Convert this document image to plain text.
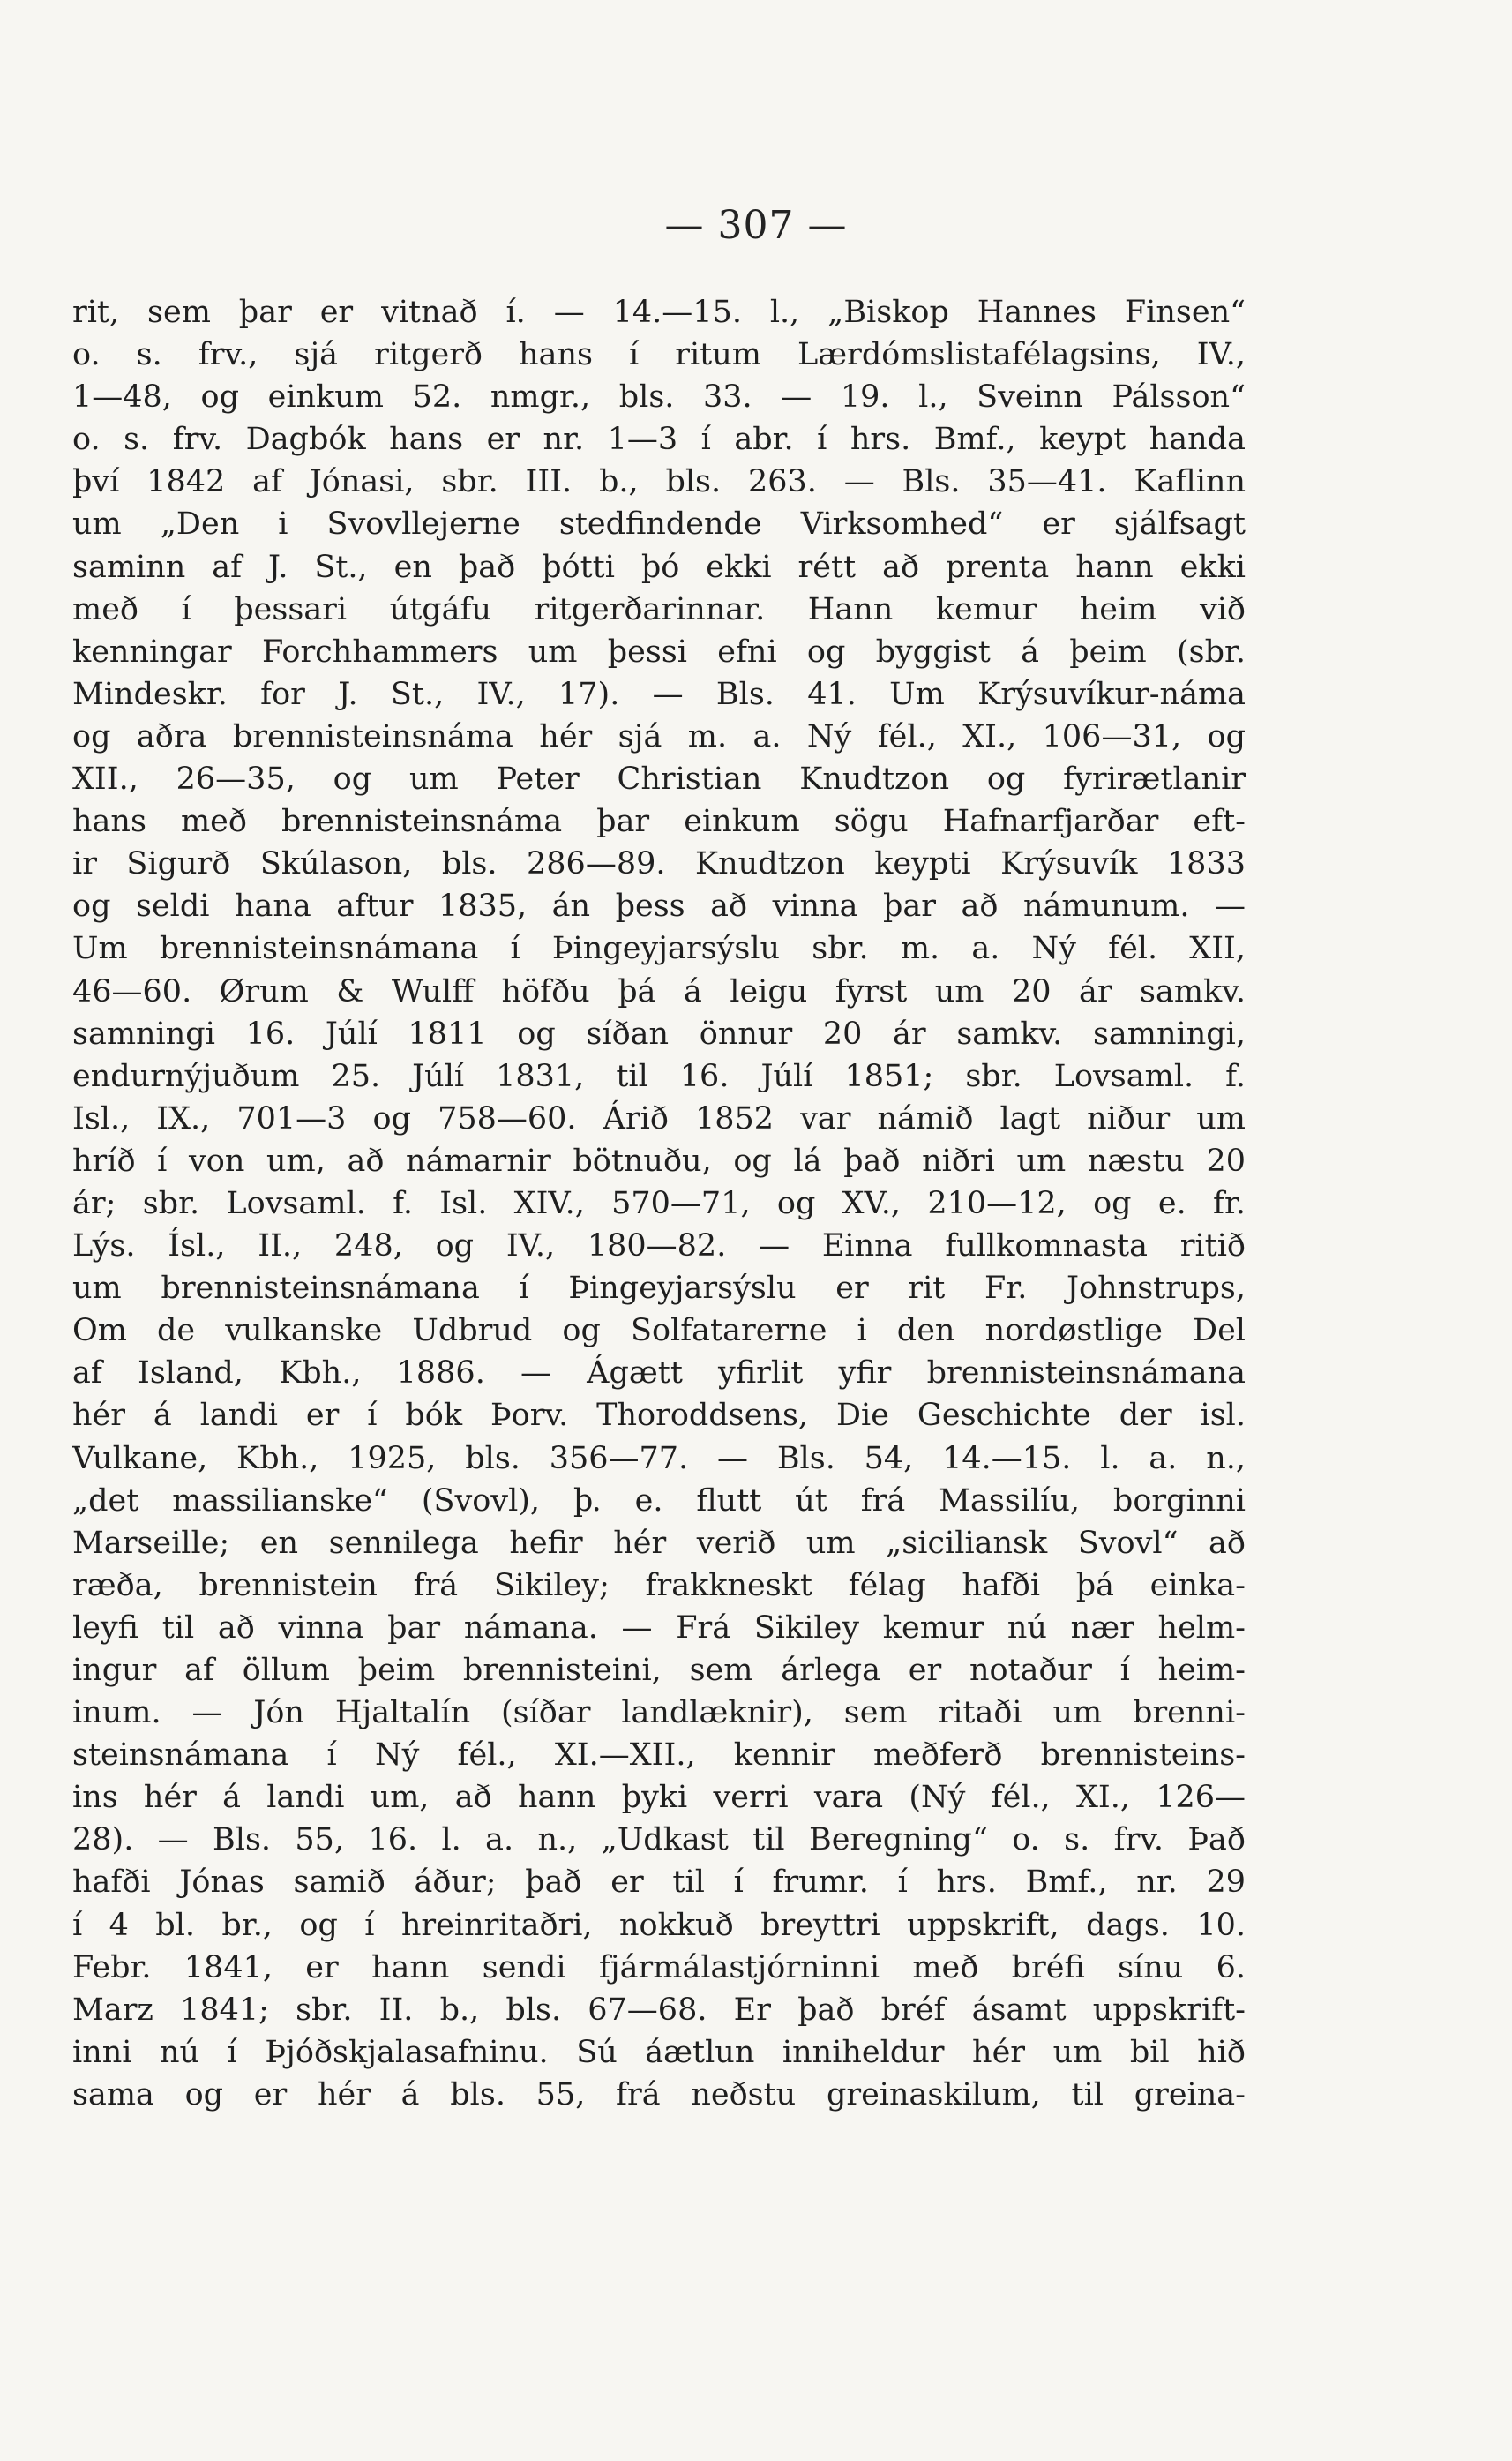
— 307 —
rit, sem þar er vitnað í. — 14.—15. l., „Biskop Hannes Finsen“
o. s. frv., sjá ritgerð hans í ritum Lærdómslistafélagsins, IV.,
1—48, og einkum 52. nmgr., bls. 33. — 19. l., Sveinn Pálsson“
o. s. frv. Dagbók hans er nr. 1—3 í abr. í hrs. Bmf., keypt handa
því 1842 af Jónasi, sbr. III. b., bls. 263. — Bls. 35—41. Kaflinn
um „Den i Svovllejerne stedfindende Virksomhed“ er sjálfsagt
saminn af J. St., en það þótti þó ekki rétt að prenta hann ekki
með í þessari útgáfu ritgerðarinnar. Hann kemur heim við
kenningar Forchhammers um þessi efni og byggist á þeim (sbr.
Mindeskr. for J. St., IV., 17). — Bls. 41. Um Krýsuvíkur-náma
og aðra brennisteinsnáma hér sjá m. a. Ný fél., XI., 106—31, og
XII., 26—35, og um Peter Christian Knudtzon og fyrirætlanir
hans með brennisteinsnáma þar einkum sögu Hafnarfjarðar eft-
ir Sigurð Skúlason, bls. 286—89. Knudtzon keypti Krýsuvík 1833
og seldi hana aftur 1835, án þess að vinna þar að námunum. —
Um brennisteinsnámana í Þingeyjarsýslu sbr. m. a. Ný fél. XII,
46—60. Ørum & Wulff höfðu þá á leigu fyrst um 20 ár samkv.
samningi 16. Júlí 1811 og síðan önnur 20 ár samkv. samningi,
endurnýjuðum 25. Júlí 1831, til 16. Júlí 1851; sbr. Lovsaml. f.
Isl., IX., 701—3 og 758—60. Árið 1852 var námið lagt niður um
hríð í von um, að námarnir bötnuðu, og lá það niðri um næstu 20
ár; sbr. Lovsaml. f. Isl. XIV., 570—71, og XV., 210—12, og e. fr.
Lýs. Ísl., II., 248, og IV., 180—82. — Einna fullkomnasta ritið
um brennisteinsnámana í Þingeyjarsýslu er rit Fr. Johnstrups,
Om de vulkanske Udbrud og Solfatarerne i den nordøstlige Del
af Island, Kbh., 1886. — Ágætt yfirlit yfir brennisteinsnámana
hér á landi er í bók Þorv. Thoroddsens, Die Geschichte der isl.
Vulkane, Kbh., 1925, bls. 356—77. — Bls. 54, 14.—15. l. a. n.,
„det massilianske“ (Svovl), þ. e. flutt út frá Massilíu, borginni
Marseille; en sennilega hefir hér verið um „siciliansk Svovl“ að
ræða, brennistein frá Sikiley; frakkneskt félag hafði þá einka-
leyfi til að vinna þar námana. — Frá Sikiley kemur nú nær helm-
ingur af öllum þeim brennisteini, sem árlega er notaður í heim-
inum. — Jón Hjaltalín (síðar landlæknir), sem ritaði um brenni-
steinsnámana í Ný fél., XI.—XII., kennir meðferð brennisteins-
ins hér á landi um, að hann þyki verri vara (Ný fél., XI., 126—
28). — Bls. 55, 16. l. a. n., „Udkast til Beregning“ o. s. frv. Það
hafði Jónas samið áður; það er til í frumr. í hrs. Bmf., nr. 29
í 4 bl. br., og í hreinritaðri, nokkuð breyttri uppskrift, dags. 10.
Febr. 1841, er hann sendi fjármálastjórninni með bréfi sínu 6.
Marz 1841; sbr. II. b., bls. 67—68. Er það bréf ásamt uppskrift-
inni nú í Þjóðskjalasafninu. Sú áætlun inniheldur hér um bil hið
sama og er hér á bls. 55, frá neðstu greinaskilum, til greina-
